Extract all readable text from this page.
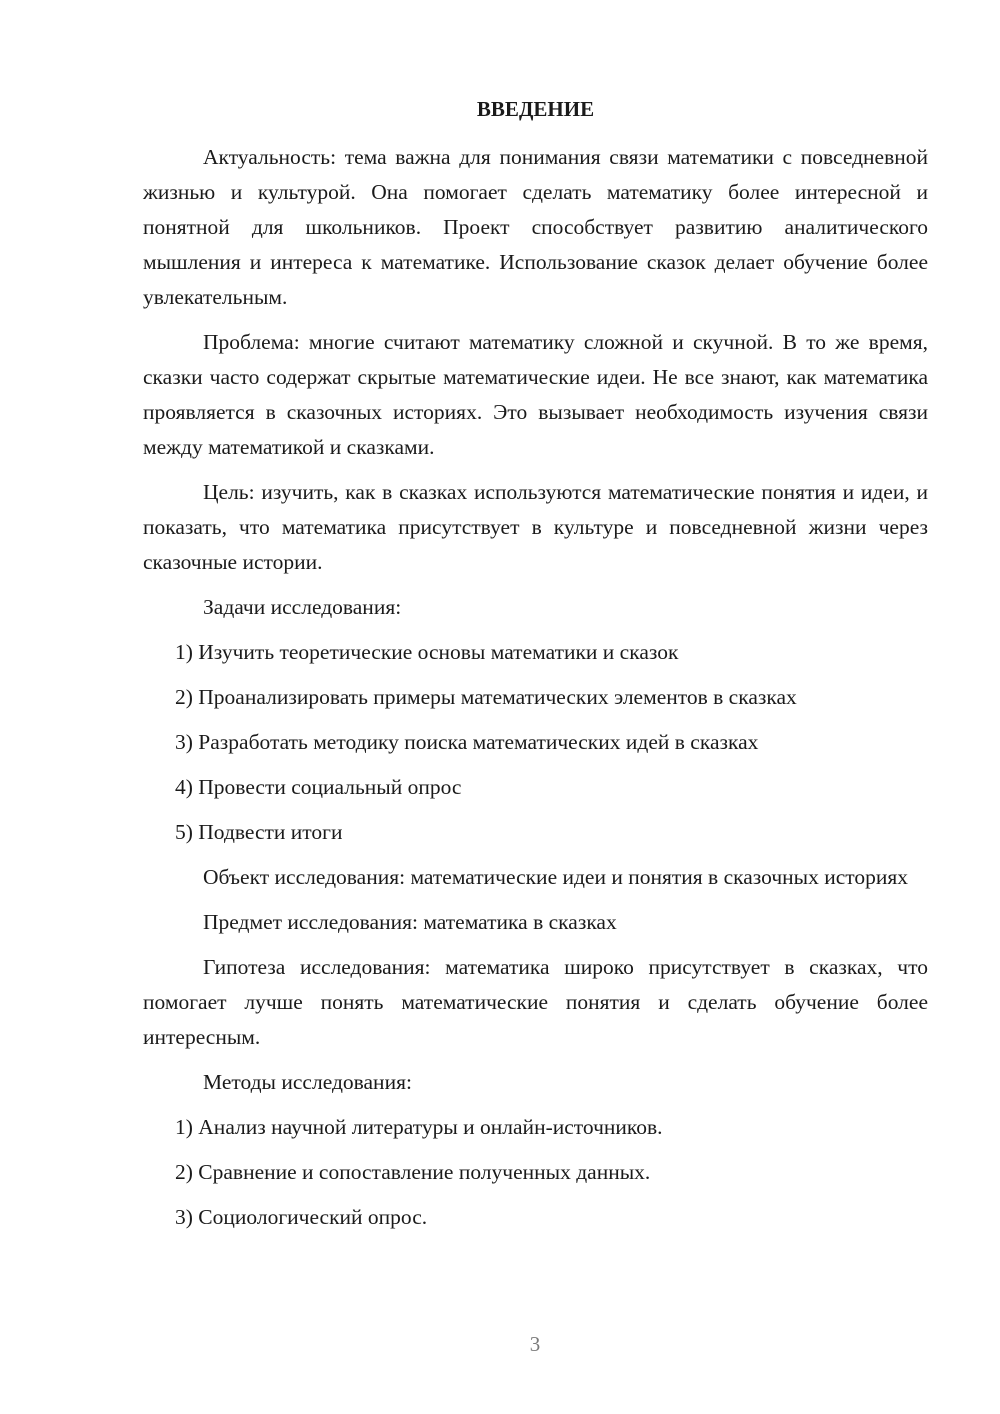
ВВЕДЕНИЕ

Актуальность: тема важна для понимания связи математики с повседневной жизнью и культурой. Она помогает сделать математику более интересной и понятной для школьников. Проект способствует развитию аналитического мышления и интереса к математике. Использование сказок делает обучение более увлекательным.

Проблема: многие считают математику сложной и скучной. В то же время, сказки часто содержат скрытые математические идеи. Не все знают, как математика проявляется в сказочных историях. Это вызывает необходимость изучения связи между математикой и сказками.

Цель: изучить, как в сказках используются математические понятия и идеи, и показать, что математика присутствует в культуре и повседневной жизни через сказочные истории.

Задачи исследования:

1) Изучить теоретические основы математики и сказок

2) Проанализировать примеры математических элементов в сказках

3) Разработать методику поиска математических идей в сказках

4) Провести социальный опрос

5) Подвести итоги

Объект исследования: математические идеи и понятия в сказочных историях

Предмет исследования: математика в сказках

Гипотеза исследования: математика широко присутствует в сказках, что помогает лучше понять математические понятия и сделать обучение более интересным.

Методы исследования:

1) Анализ научной литературы и онлайн-источников.

2) Сравнение и сопоставление полученных данных.

3) Социологический опрос.

3
